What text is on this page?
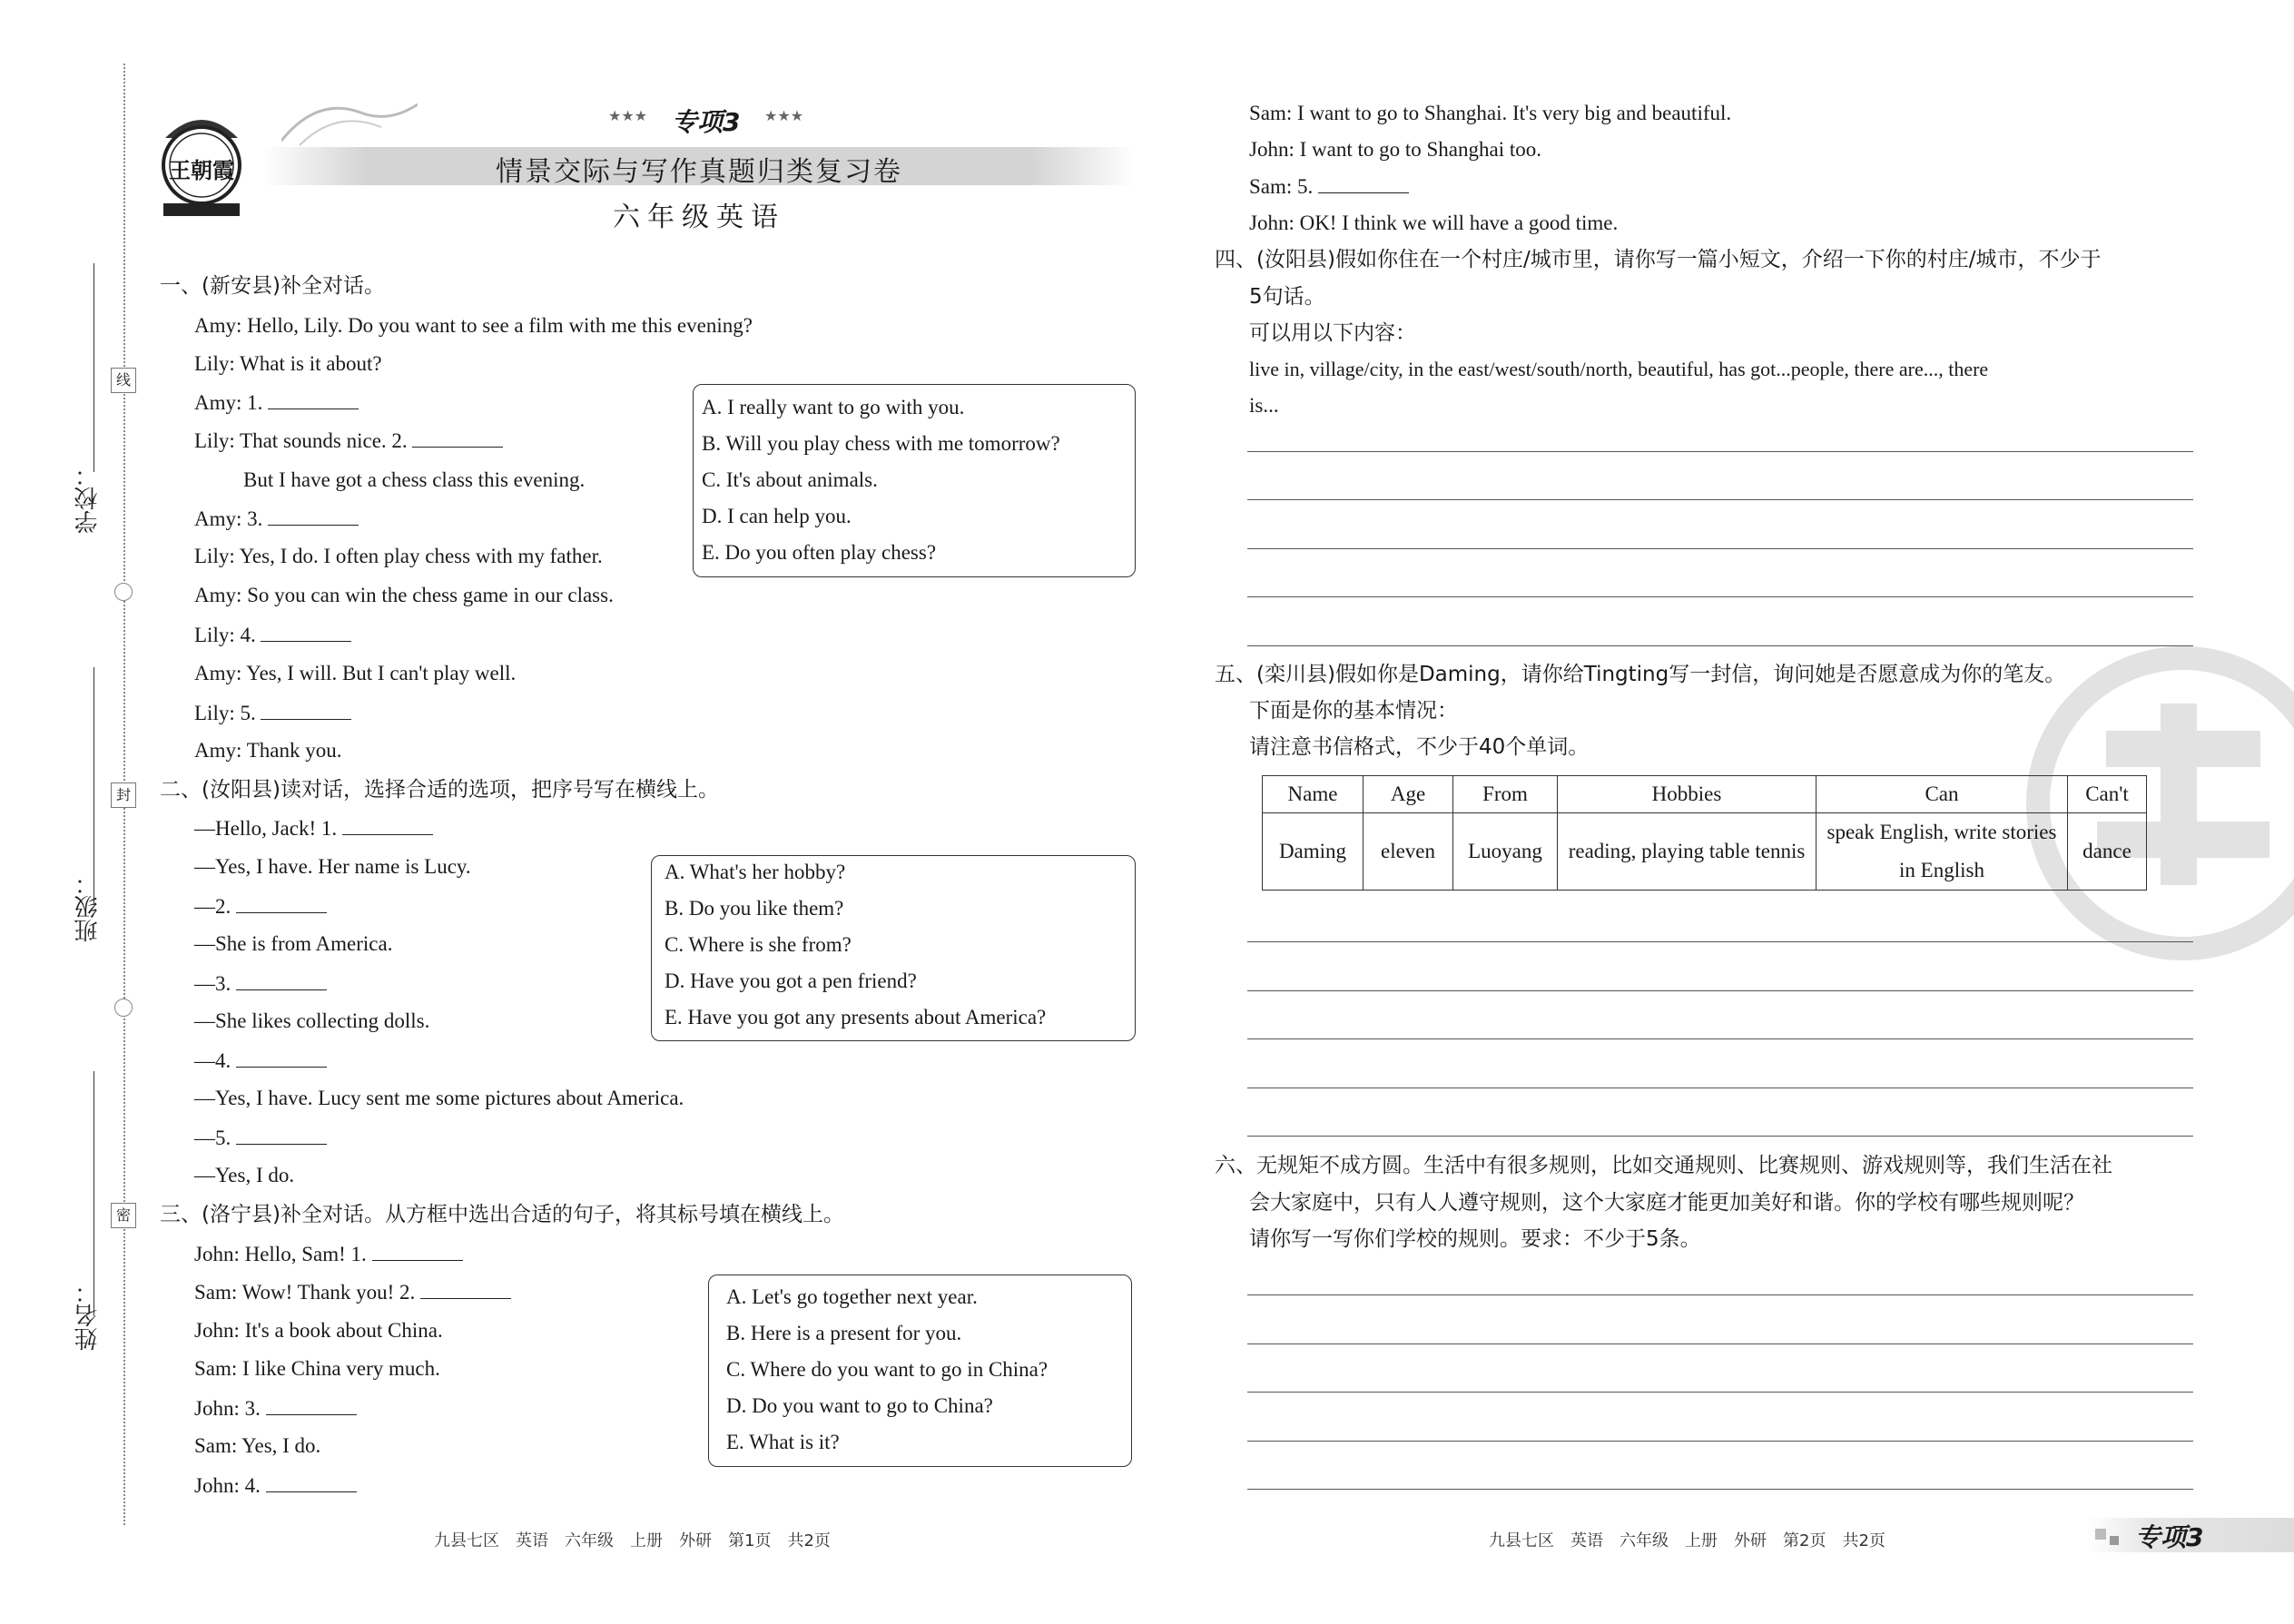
学校：
班级：
姓名：
线
封
密
王朝霞
★★★ 专项3 ★★★
情景交际与写作真题归类复习卷
六年级英语
一、(新安县)补全对话。
Amy: Hello, Lily. Do you want to see a film with me this evening?
Lily: What is it about?
Amy: 1.
Lily: That sounds nice. 2.
But I have got a chess class this evening.
Amy: 3.
Lily: Yes, I do. I often play chess with my father.
Amy: So you can win the chess game in our class.
Lily: 4.
Amy: Yes, I will. But I can't play well.
Lily: 5.
Amy: Thank you.
A. I really want to go with you.
B. Will you play chess with me tomorrow?
C. It's about animals.
D. I can help you.
E. Do you often play chess?
二、(汝阳县)读对话，选择合适的选项，把序号写在横线上。
—Hello, Jack! 1.
—Yes, I have. Her name is Lucy.
—2.
—She is from America.
—3.
—She likes collecting dolls.
—4.
—Yes, I have. Lucy sent me some pictures about America.
—5.
—Yes, I do.
A. What's her hobby?
B. Do you like them?
C. Where is she from?
D. Have you got a pen friend?
E. Have you got any presents about America?
三、(洛宁县)补全对话。从方框中选出合适的句子，将其标号填在横线上。
John: Hello, Sam! 1.
Sam: Wow! Thank you! 2.
John: It's a book about China.
Sam: I like China very much.
John: 3.
Sam: Yes, I do.
John: 4.
A. Let's go together next year.
B. Here is a present for you.
C. Where do you want to go in China?
D. Do you want to go to China?
E. What is it?
Sam: I want to go to Shanghai. It's very big and beautiful.
John: I want to go to Shanghai too.
Sam: 5.
John: OK! I think we will have a good time.
四、(汝阳县)假如你住在一个村庄/城市里，请你写一篇小短文，介绍一下你的村庄/城市，不少于
5句话。
可以用以下内容：
live in, village/city, in the east/west/south/north, beautiful, has got...people, there are..., there
is...
五、(栾川县)假如你是Daming，请你给Tingting写一封信，询问她是否愿意成为你的笔友。
下面是你的基本情况：
请注意书信格式，不少于40个单词。
Name	Age	From	Hobbies	Can	Can't
Daming	eleven	Luoyang	reading, playing table tennis	speak English, write stories in English	dance
六、无规矩不成方圆。生活中有很多规则，比如交通规则、比赛规则、游戏规则等，我们生活在社
会大家庭中，只有人人遵守规则，这个大家庭才能更加美好和谐。你的学校有哪些规则呢？
请你写一写你们学校的规则。要求：不少于5条。
九县七区　英语　六年级　上册　外研　第1页　共2页	九县七区　英语　六年级　上册　外研　第2页　共2页	专项3
